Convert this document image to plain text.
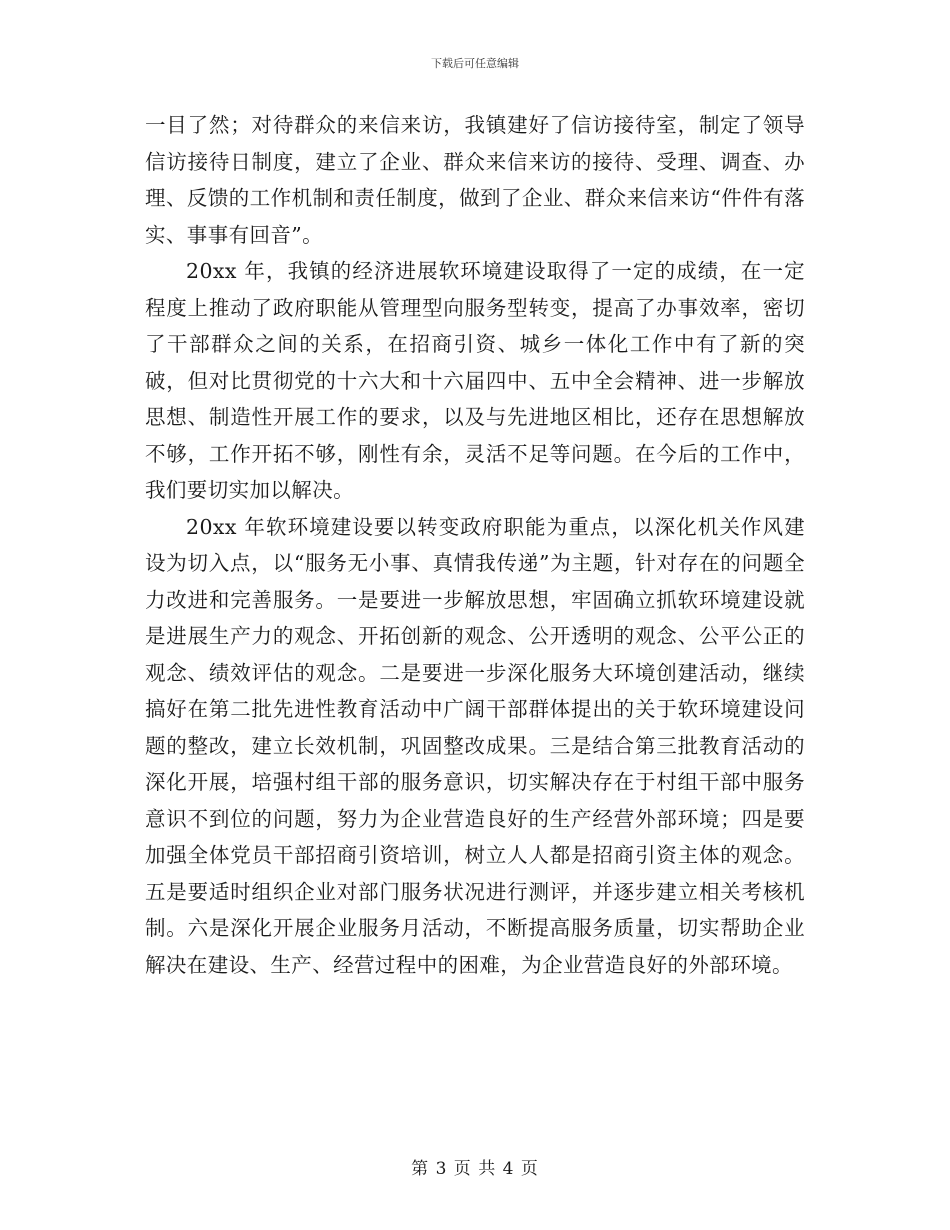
下载后可任意编辑

一目了然；对待群众的来信来访，我镇建好了信访接待室，制定了领导信访接待日制度，建立了企业、群众来信来访的接待、受理、调查、办理、反馈的工作机制和责任制度，做到了企业、群众来信来访“件件有落实、事事有回音”。

20xx 年，我镇的经济进展软环境建设取得了一定的成绩，在一定程度上推动了政府职能从管理型向服务型转变，提高了办事效率，密切了干部群众之间的关系，在招商引资、城乡一体化工作中有了新的突破，但对比贯彻党的十六大和十六届四中、五中全会精神、进一步解放思想、制造性开展工作的要求，以及与先进地区相比，还存在思想解放不够，工作开拓不够，刚性有余，灵活不足等问题。在今后的工作中，我们要切实加以解决。

20xx 年软环境建设要以转变政府职能为重点，以深化机关作风建设为切入点，以“服务无小事、真情我传递”为主题，针对存在的问题全力改进和完善服务。一是要进一步解放思想，牢固确立抓软环境建设就是进展生产力的观念、开拓创新的观念、公开透明的观念、公平公正的观念、绩效评估的观念。二是要进一步深化服务大环境创建活动，继续搞好在第二批先进性教育活动中广阔干部群体提出的关于软环境建设问题的整改，建立长效机制，巩固整改成果。三是结合第三批教育活动的深化开展，培强村组干部的服务意识，切实解决存在于村组干部中服务意识不到位的问题，努力为企业营造良好的生产经营外部环境；四是要加强全体党员干部招商引资培训，树立人人都是招商引资主体的观念。五是要适时组织企业对部门服务状况进行测评，并逐步建立相关考核机制。六是深化开展企业服务月活动，不断提高服务质量，切实帮助企业解决在建设、生产、经营过程中的困难，为企业营造良好的外部环境。

第 3 页 共 4 页
